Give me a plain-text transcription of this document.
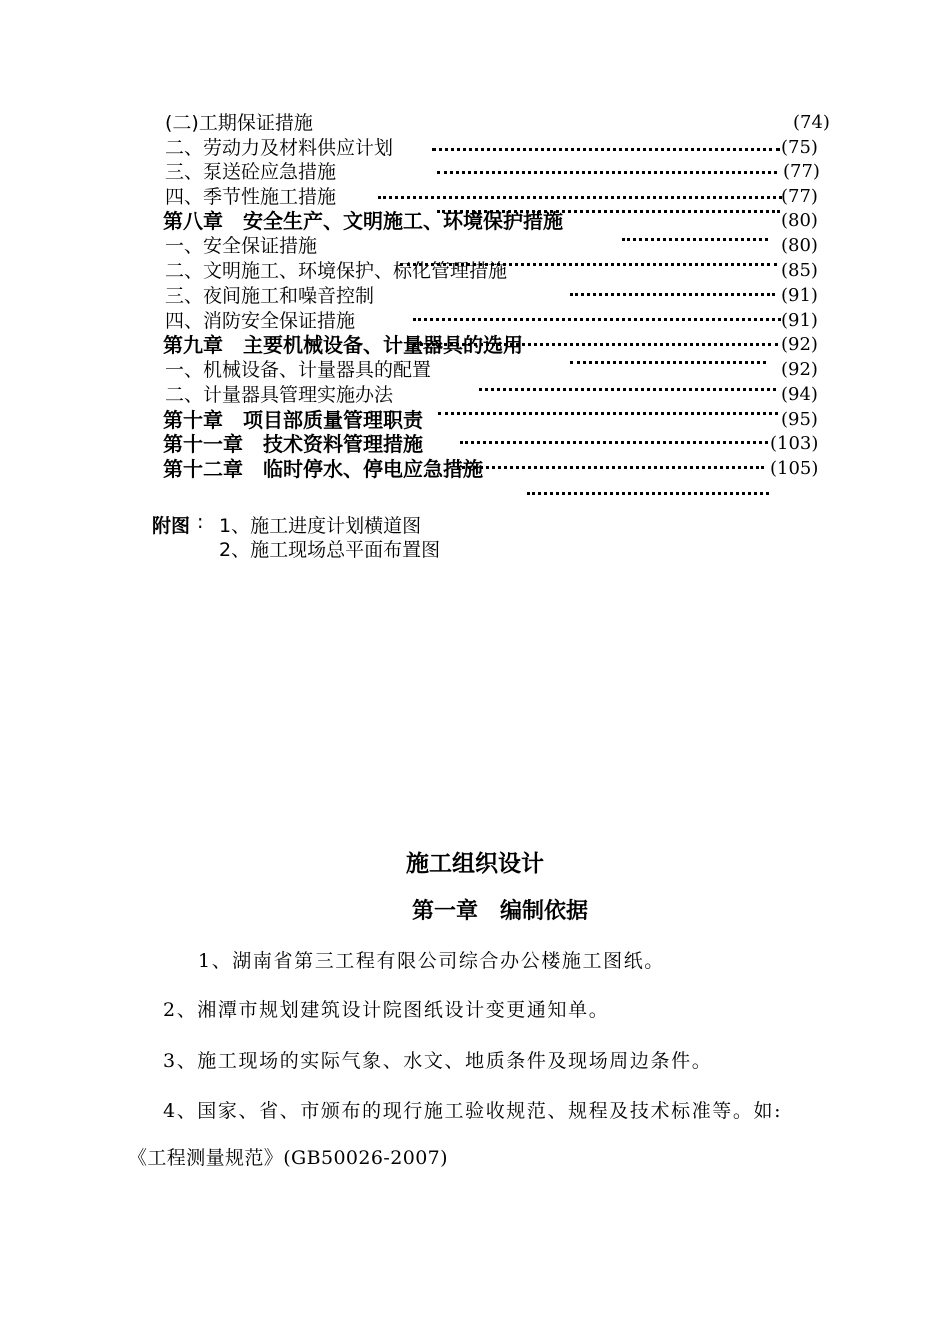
(二)工期保证措施	(74)
二、劳动力及材料供应计划	(75)
三、泵送砼应急措施	(77)
四、季节性施工措施	(77)
第八章　安全生产、文明施工、环境保护措施	(80)
一、安全保证措施	(80)
二、文明施工、环境保护、标化管理措施	(85)
三、夜间施工和噪音控制	(91)
四、消防安全保证措施	(91)
第九章　主要机械设备、计量器具的选用	(92)
一、机械设备、计量器具的配置	(92)
二、计量器具管理实施办法	(94)
第十章　项目部质量管理职责	(95)
第十一章　技术资料管理措施	(103)
第十二章　临时停水、停电应急措施	(105)
附图 : 1、施工进度计划横道图
2、施工现场总平面布置图
施工组织设计
第一章　编制依据
1、湖南省第三工程有限公司综合办公楼施工图纸。
2、湘潭市规划建筑设计院图纸设计变更通知单。
3、施工现场的实际气象、水文、地质条件及现场周边条件。
4、国家、省、市颁布的现行施工验收规范、规程及技术标准等。如:
《工程测量规范》(GB50026-2007)
